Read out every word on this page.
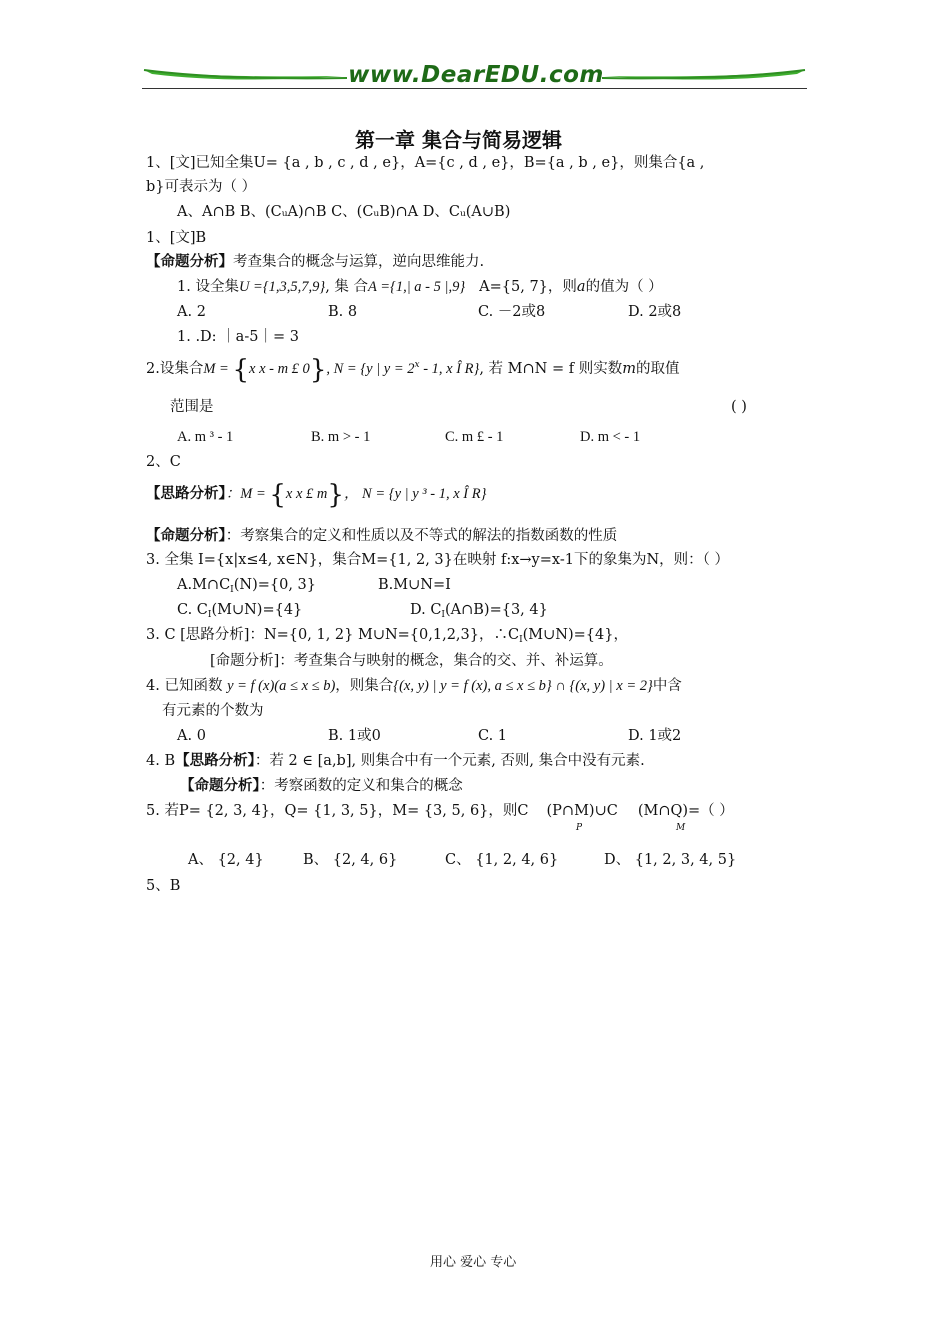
www.DearEDU.com
第一章 集合与简易逻辑
1、[文]已知全集U= {a , b , c , d , e}，A={c , d , e}，B={a , b , e}，则集合{a ,
b}可表示为（ ）
A、A∩B B、(CᵤA)∩B C、(CᵤB)∩A D、Cᵤ(A∪B)
1、[文]B
【命题分析】考查集合的概念与运算，逆向思维能力.
1. 设全集U ={1,3,5,7,9}, 集 合A ={1,| a - 5 |,9} A={5, 7}，则a的值为（ ）
A. 2	B. 8	C. －2或8	D. 2或8
1. .D: ｜a-5｜= 3
2.设集合M = {x x - m £ 0}, N = {y | $y = 2^x - 1$, x Î R}, 若 M∩N = f 则实数m的取值
范围是	( )
A. m ³ - 1	B. m > - 1	C. m £ - 1	D. m < - 1
2、C
【思路分析】：M = {x x £ m}， N = {y | y ³ - 1, x Î R}
【命题分析】：考察集合的定义和性质以及不等式的解法的指数函数的性质
3. 全集 I={x|x≤4, x∈N}，集合M={1, 2, 3}在映射 f:x→y=x-1下的象集为N，则：（ ）
$A.M\cap C_I(N)=\{0$, 3}	B.M∪N=I
C. $C_I(M\cup N)=\{4\}$	D. $C_I(A\cap B)=\{3$, 4}
3. C [思路分析]：N={0, 1, 2} M∪N={0,1,2,3}，$\therefore C_I(M\cup N)=\{4\}$，
[命题分析]：考查集合与映射的概念，集合的交、并、补运算。
4. 已知函数 y = f (x)(a ≤ x ≤ b)，则集合{(x, y) | y = f (x), a ≤ x ≤ b} ∩ {(x, y) | x = 2}中含
有元素的个数为
A. 0	B. 1或0	C. 1	D. 1或2
4. B【思路分析】：若 2 ∈ [a,b], 则集合中有一个元素, 否则, 集合中没有元素.
【命题分析】：考察函数的定义和集合的概念
5. 若P= {2, 3, 4}，Q= {1, 3, 5}，M= {3, 5, 6}，则C (P∩M)∪C (M∩Q)=（ ）
P	M
A、 {2, 4}	B、 {2, 4, 6}	C、 {1, 2, 4, 6}	D、 {1, 2, 3, 4, 5}
5、B
用心 爱心 专心
